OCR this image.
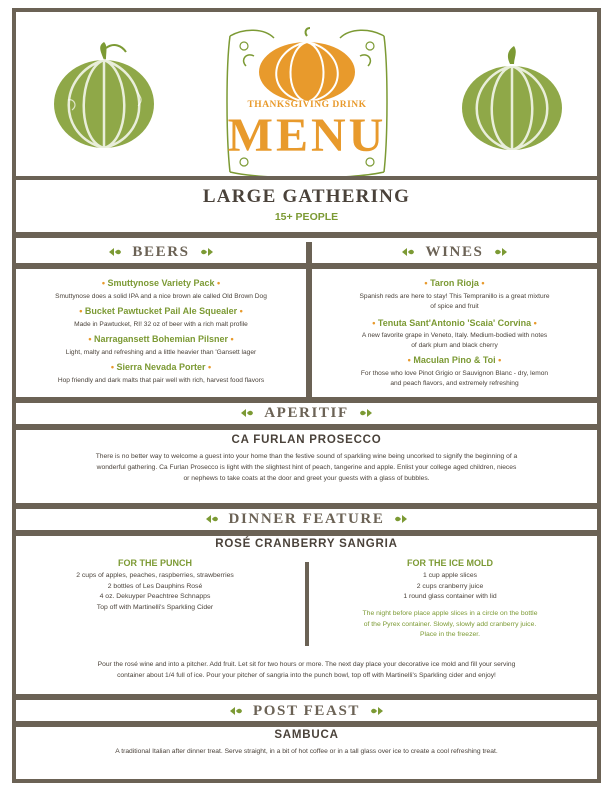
THANKSGIVING DRINK
MENU
LARGE GATHERING
15+ PEOPLE
BEERS	WINES
• Smuttynose Variety Pack •
Smuttynose does a solid IPA and a nice brown ale called Old Brown Dog
• Bucket Pawtucket Pail Ale Squealer •
Made in Pawtucket, RI! 32 oz of beer with a rich malt profile
• Narragansett Bohemian Pilsner •
Light, malty and refreshing and a little heavier than 'Gansett lager
• Sierra Nevada Porter •
Hop friendly and dark malts that pair well with rich, harvest food flavors
• Taron Rioja •
Spanish reds are here to stay! This Tempranillo is a great mixture
of spice and fruit
• Tenuta Sant'Antonio 'Scaia' Corvina •
A new favorite grape in Veneto, Italy. Medium-bodied with notes
of dark plum and black cherry
• Maculan Pino & Toi •
For those who love Pinot Grigio or Sauvignon Blanc - dry, lemon
and peach flavors, and extremely refreshing
APERITIF
CA FURLAN PROSECCO
There is no better way to welcome a guest into your home than the festive sound of sparkling wine being uncorked to signify the beginning of a
wonderful gathering. Ca Furlan Prosecco is light with the slightest hint of peach, tangerine and apple. Enlist your college aged children, nieces
or nephews to take coats at the door and greet your guests with a glass of bubbles.
DINNER FEATURE
ROSÉ CRANBERRY SANGRIA
FOR THE PUNCH
2 cups of apples, peaches, raspberries, strawberries
2 bottles of Les Dauphins Rosé
4 oz. Dekuyper Peachtree Schnapps
Top off with Martinelli's Sparkling Cider
FOR THE ICE MOLD
1 cup apple slices
2 cups cranberry juice
1 round glass container with lid
The night before place apple slices in a circle on the bottle
of the Pyrex container. Slowly, slowly add cranberry juice.
Place in the freezer.
Pour the rosé wine and into a pitcher. Add fruit. Let sit for two hours or more. The next day place your decorative ice mold and fill your serving
container about 1/4 full of ice. Pour your pitcher of sangria into the punch bowl, top off with Martinelli's Sparkling cider and enjoy!
POST FEAST
SAMBUCA
A traditional Italian after dinner treat. Serve straight, in a bit of hot coffee or in a tall glass over ice to create a cool refreshing treat.
